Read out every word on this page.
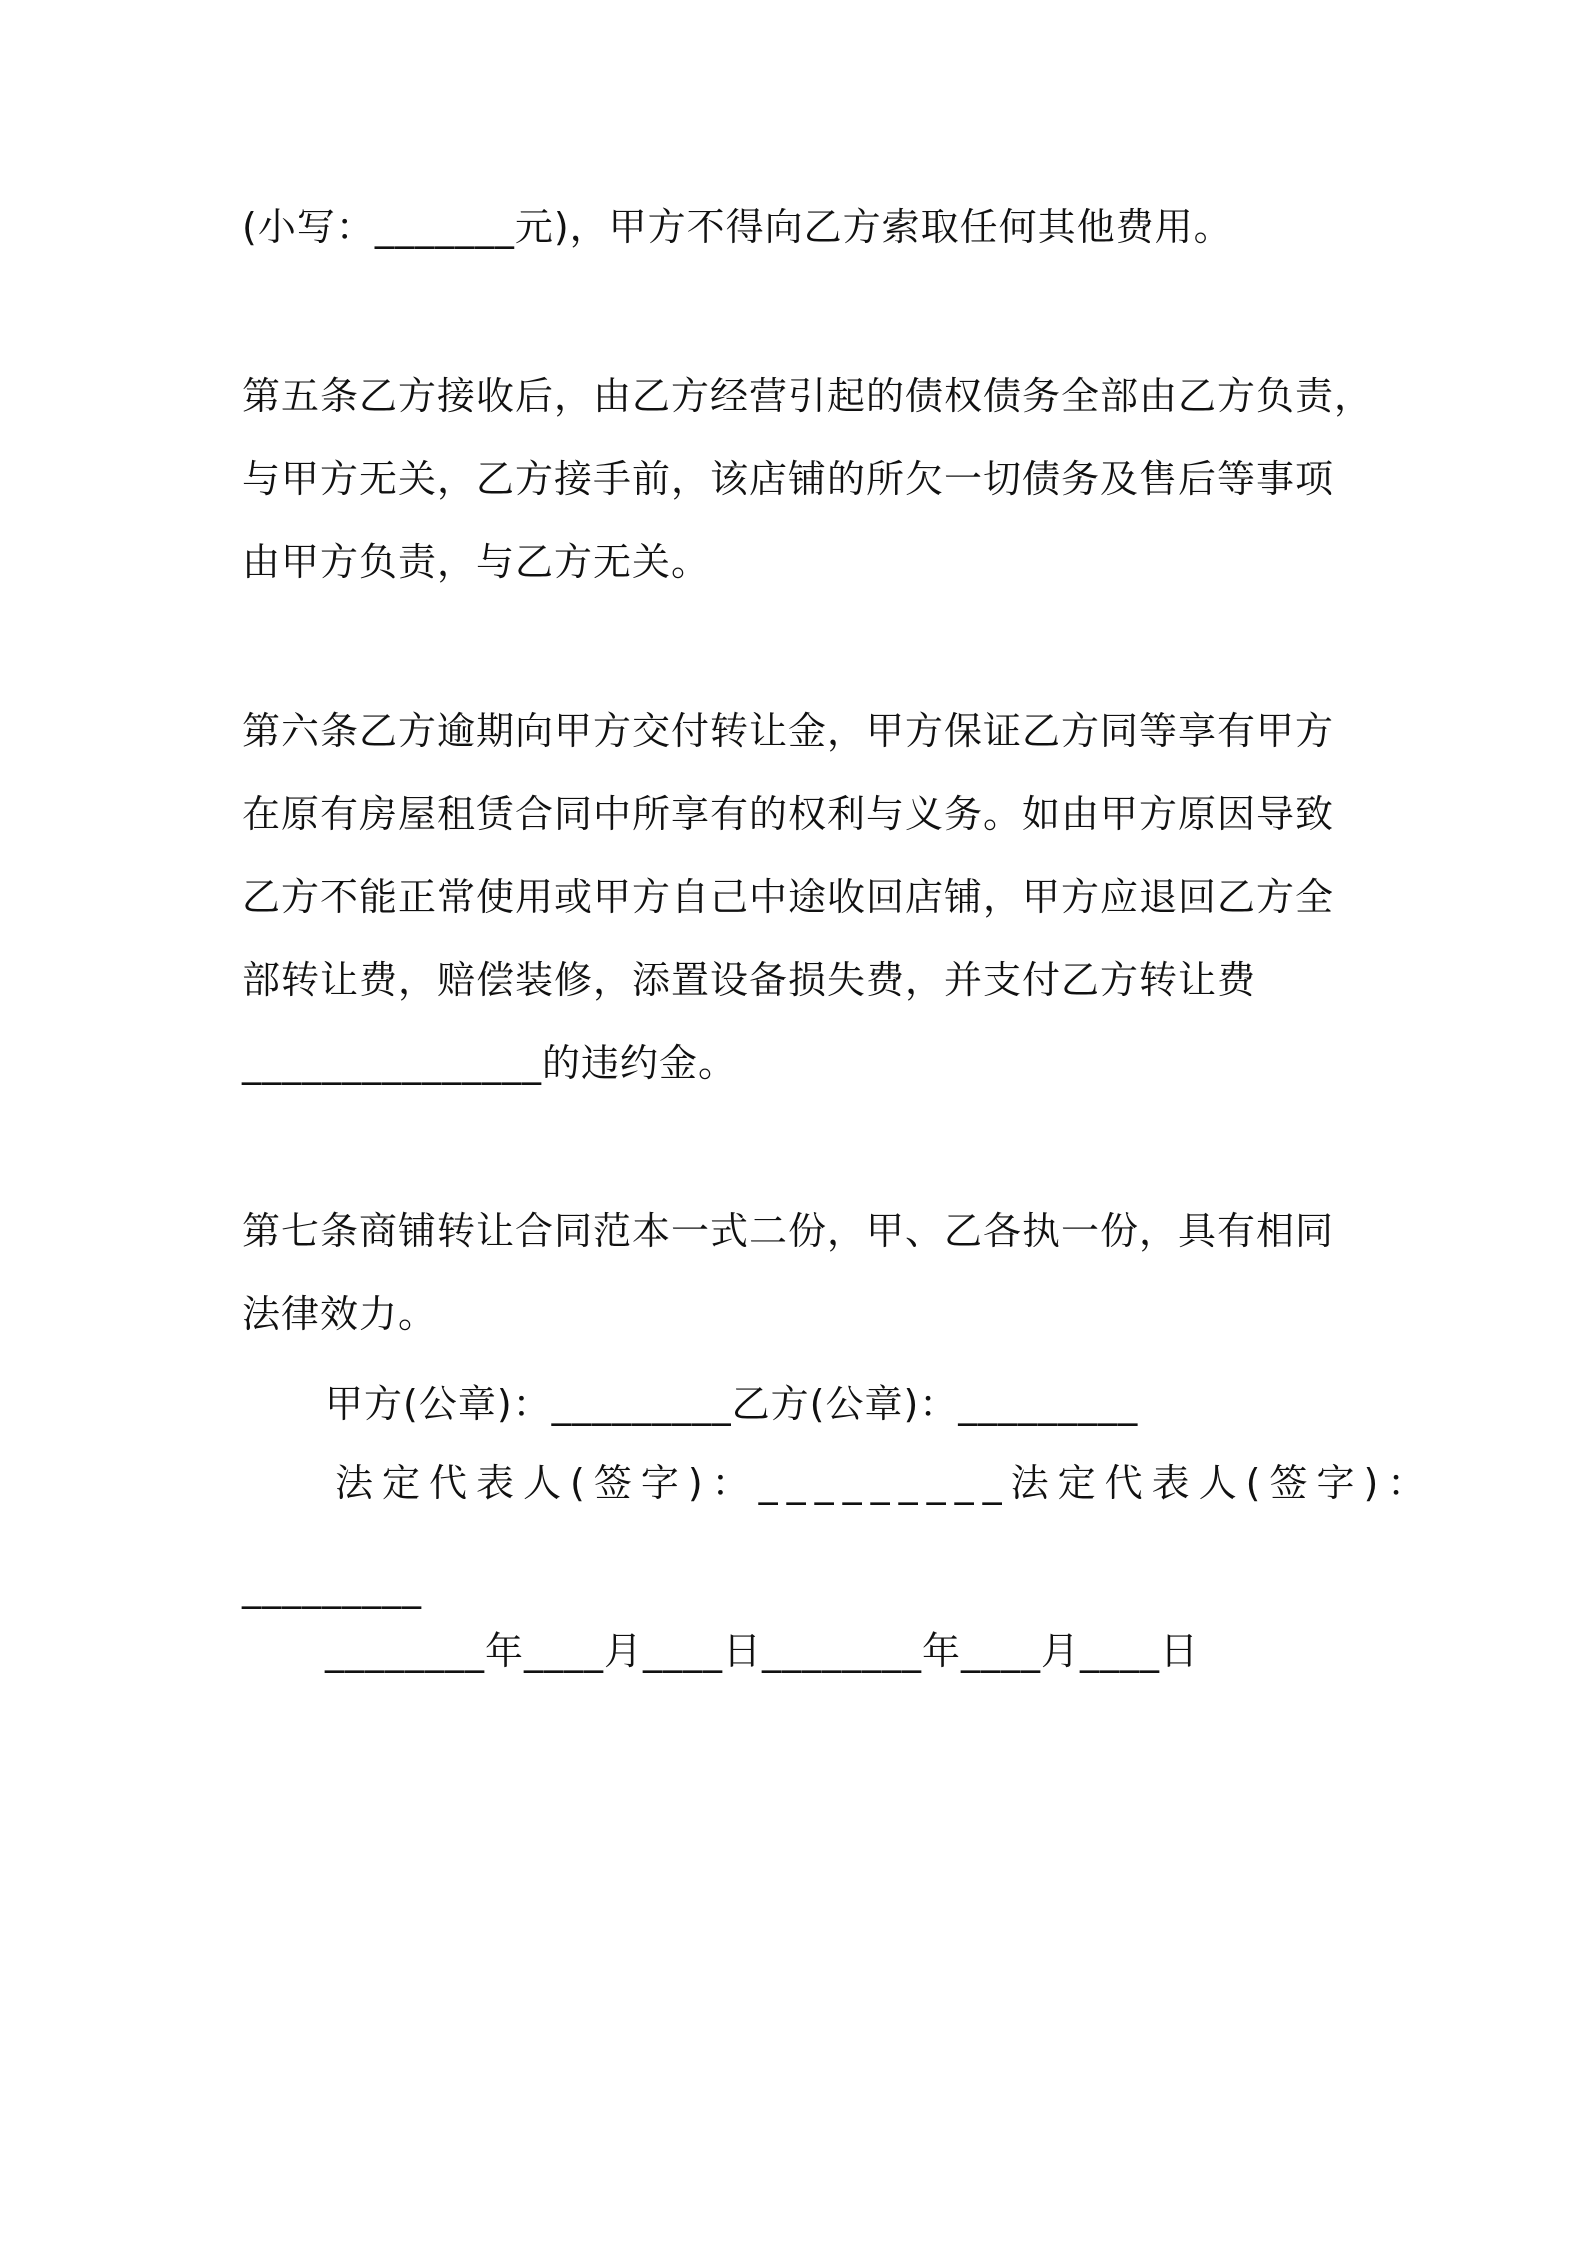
(小写：_______元)，甲方不得向乙方索取任何其他费用。
第五条乙方接收后，由乙方经营引起的债权债务全部由乙方负责，
与甲方无关，乙方接手前，该店铺的所欠一切债务及售后等事项
由甲方负责，与乙方无关。
第六条乙方逾期向甲方交付转让金，甲方保证乙方同等享有甲方
在原有房屋租赁合同中所享有的权利与义务。如由甲方原因导致
乙方不能正常使用或甲方自己中途收回店铺，甲方应退回乙方全
部转让费，赔偿装修，添置设备损失费，并支付乙方转让费
_______________的违约金。
第七条商铺转让合同范本一式二份，甲、乙各执一份，具有相同
法律效力。
甲方(公章)：_________乙方(公章)：_________
法定代表人(签字)：_________法定代表人(签字)：
_________
________年____月____日________年____月____日
